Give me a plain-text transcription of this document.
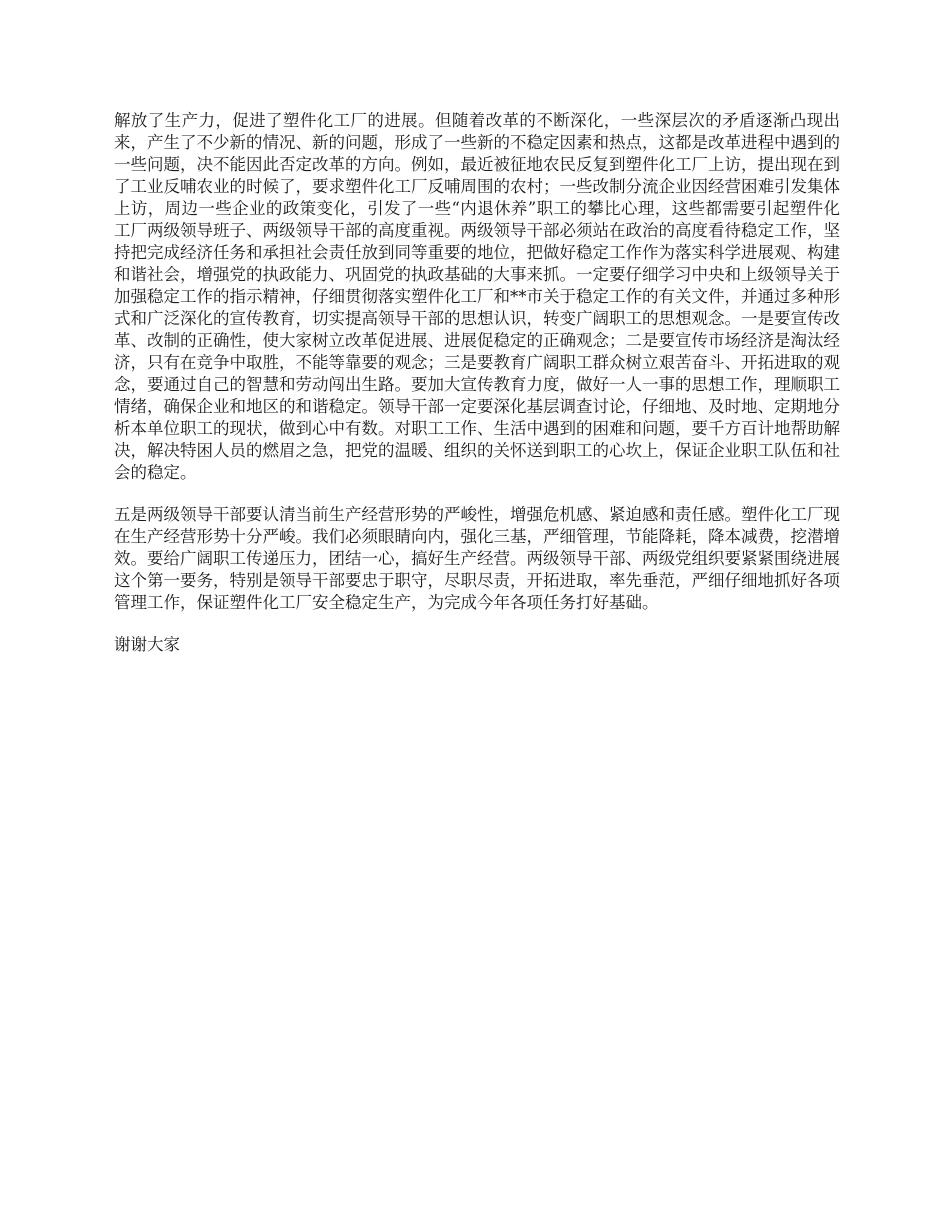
解放了生产力，促进了塑件化工厂的进展。但随着改革的不断深化，一些深层次的矛盾逐渐凸现出来，产生了不少新的情况、新的问题，形成了一些新的不稳定因素和热点，这都是改革进程中遇到的一些问题，决不能因此否定改革的方向。例如，最近被征地农民反复到塑件化工厂上访，提出现在到了工业反哺农业的时候了，要求塑件化工厂反哺周围的农村；一些改制分流企业因经营困难引发集体上访，周边一些企业的政策变化，引发了一些“内退休养”职工的攀比心理，这些都需要引起塑件化工厂两级领导班子、两级领导干部的高度重视。两级领导干部必须站在政治的高度看待稳定工作，坚持把完成经济任务和承担社会责任放到同等重要的地位，把做好稳定工作作为落实科学进展观、构建和谐社会，增强党的执政能力、巩固党的执政基础的大事来抓。一定要仔细学习中央和上级领导关于加强稳定工作的指示精神，仔细贯彻落实塑件化工厂和**市关于稳定工作的有关文件，并通过多种形式和广泛深化的宣传教育，切实提高领导干部的思想认识，转变广阔职工的思想观念。一是要宣传改革、改制的正确性，使大家树立改革促进展、进展促稳定的正确观念；二是要宣传市场经济是淘汰经济，只有在竞争中取胜，不能等靠要的观念；三是要教育广阔职工群众树立艰苦奋斗、开拓进取的观念，要通过自己的智慧和劳动闯出生路。要加大宣传教育力度，做好一人一事的思想工作，理顺职工情绪，确保企业和地区的和谐稳定。领导干部一定要深化基层调查讨论，仔细地、及时地、定期地分析本单位职工的现状，做到心中有数。对职工工作、生活中遇到的困难和问题，要千方百计地帮助解决，解决特困人员的燃眉之急，把党的温暖、组织的关怀送到职工的心坎上，保证企业职工队伍和社会的稳定。

五是两级领导干部要认清当前生产经营形势的严峻性，增强危机感、紧迫感和责任感。塑件化工厂现在生产经营形势十分严峻。我们必须眼睛向内，强化三基，严细管理，节能降耗，降本减费，挖潜增效。要给广阔职工传递压力，团结一心，搞好生产经营。两级领导干部、两级党组织要紧紧围绕进展这个第一要务，特别是领导干部要忠于职守，尽职尽责，开拓进取，率先垂范，严细仔细地抓好各项管理工作，保证塑件化工厂安全稳定生产，为完成今年各项任务打好基础。

谢谢大家
